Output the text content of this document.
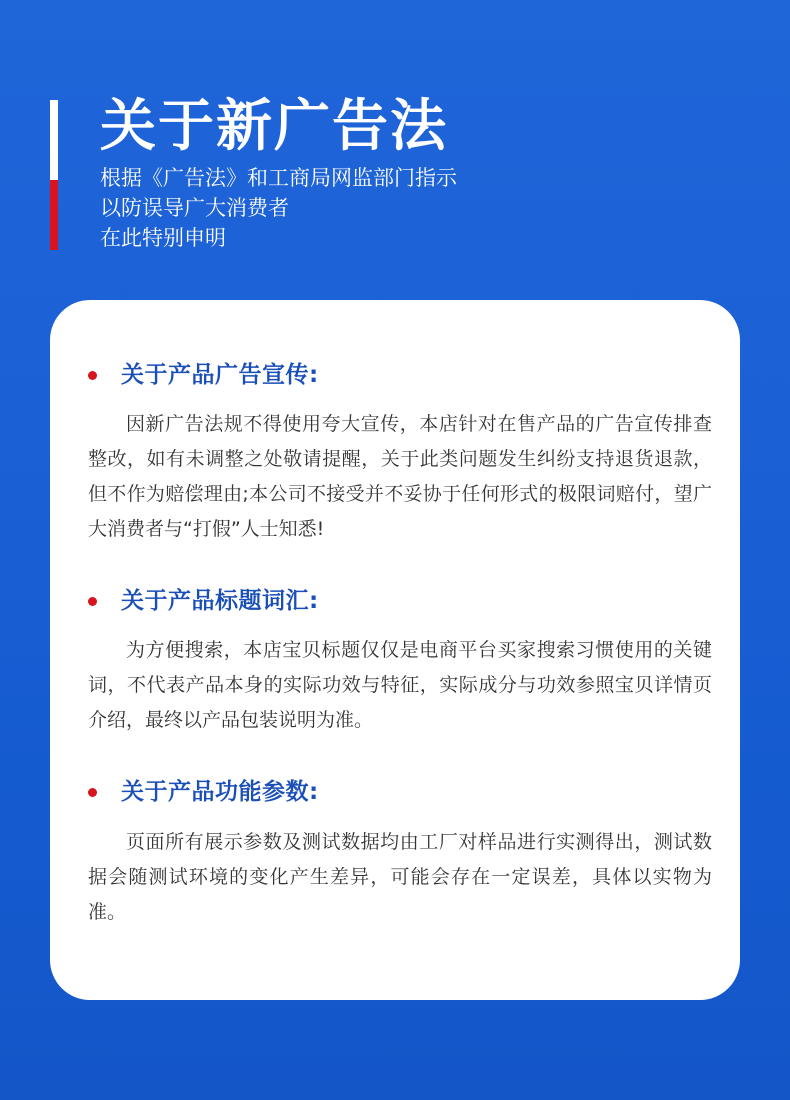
关于新广告法
根据《广告法》和工商局网监部门指示
以防误导广大消费者
在此特别申明
关于产品广告宣传:
因新广告法规不得使用夸大宣传，本店针对在售产品的广告宣传排查整改，如有未调整之处敬请提醒，关于此类问题发生纠纷支持退货退款，但不作为赔偿理由;本公司不接受并不妥协于任何形式的极限词赔付，望广大消费者与“打假”人士知悉!
关于产品标题词汇:
为方便搜索，本店宝贝标题仅仅是电商平台买家搜索习惯使用的关键词，不代表产品本身的实际功效与特征，实际成分与功效参照宝贝详情页介绍，最终以产品包装说明为准。
关于产品功能参数:
页面所有展示参数及测试数据均由工厂对样品进行实测得出，测试数据会随测试环境的变化产生差异，可能会存在一定误差，具体以实物为准。
